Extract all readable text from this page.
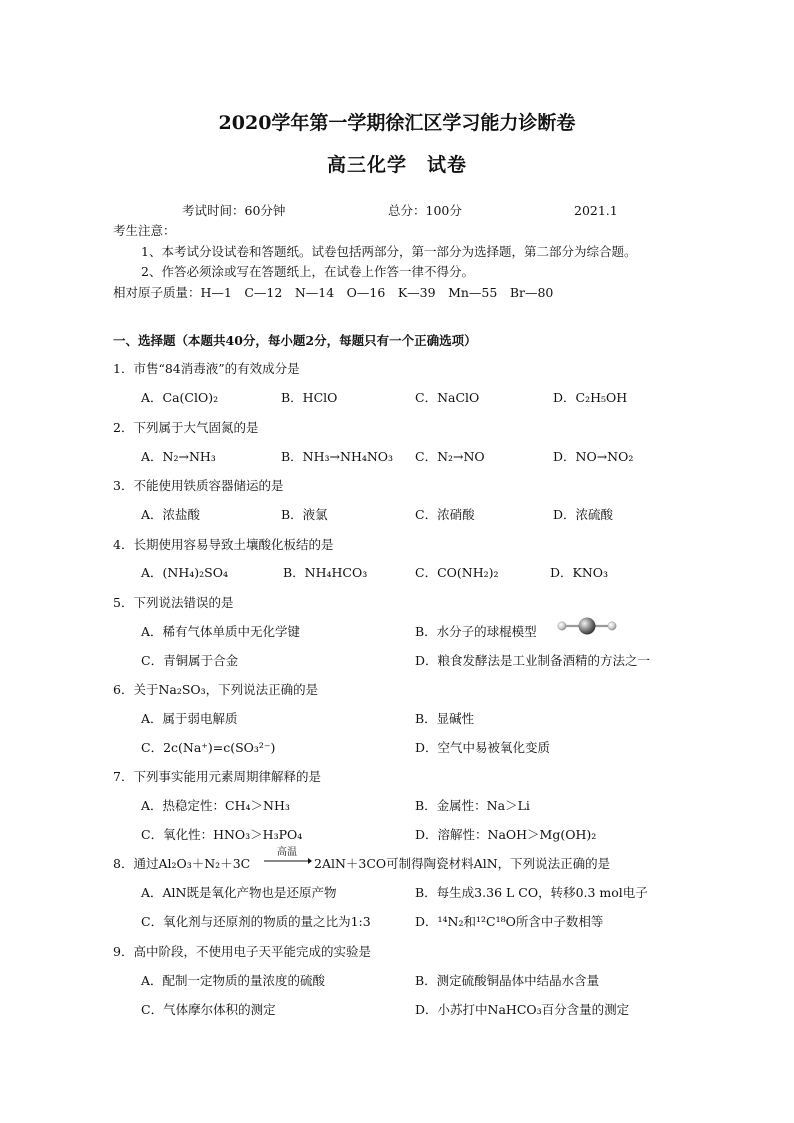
2020学年第一学期徐汇区学习能力诊断卷
高三化学　试卷
考试时间：60分钟	总分：100分	2021.1
考生注意：
1、本考试分设试卷和答题纸。试卷包括两部分，第一部分为选择题，第二部分为综合题。
2、作答必须涂或写在答题纸上，在试卷上作答一律不得分。
相对原子质量：H—1　C—12　N—14　O—16　K—39　Mn—55　Br—80
一、选择题（本题共40分，每小题2分，每题只有一个正确选项）
1．市售“84消毒液”的有效成分是
A．Ca(ClO)₂	B．HClO	C．NaClO	D．C₂H₅OH
2．下列属于大气固氮的是
A．N₂→NH₃	B．NH₃→NH₄NO₃ C．N₂→NO	D．NO→NO₂
3．不能使用铁质容器储运的是
A．浓盐酸	B．液氯	C．浓硝酸	D．浓硫酸
4．长期使用容易导致土壤酸化板结的是
A．(NH₄)₂SO₄	B．NH₄HCO₃	C．CO(NH₂)₂	D．KNO₃
5．下列说法错误的是
A．稀有气体单质中无化学键	B．水分子的球棍模型
C．青铜属于合金	D．粮食发酵法是工业制备酒精的方法之一
6．关于Na₂SO₃，下列说法正确的是
A．属于弱电解质	B．显碱性
C．2c(Na⁺)=c(SO₃²⁻)	D．空气中易被氧化变质
7．下列事实能用元素周期律解释的是
A．热稳定性：CH₄＞NH₃	B．金属性：Na＞Li
C．氧化性：HNO₃＞H₃PO₄	D．溶解性：NaOH＞Mg(OH)₂
8．通过Al₂O₃＋N₂＋3C
高温
2AlN＋3CO可制得陶瓷材料AlN，下列说法正确的是
A．AlN既是氧化产物也是还原产物	B．每生成3.36 L CO，转移0.3 mol电子
C．氧化剂与还原剂的物质的量之比为1:3	D．¹⁴N₂和¹²C¹⁸O所含中子数相等
9．高中阶段，不使用电子天平能完成的实验是
A．配制一定物质的量浓度的硫酸	B．测定硫酸铜晶体中结晶水含量
C．气体摩尔体积的测定	D．小苏打中NaHCO₃百分含量的测定
